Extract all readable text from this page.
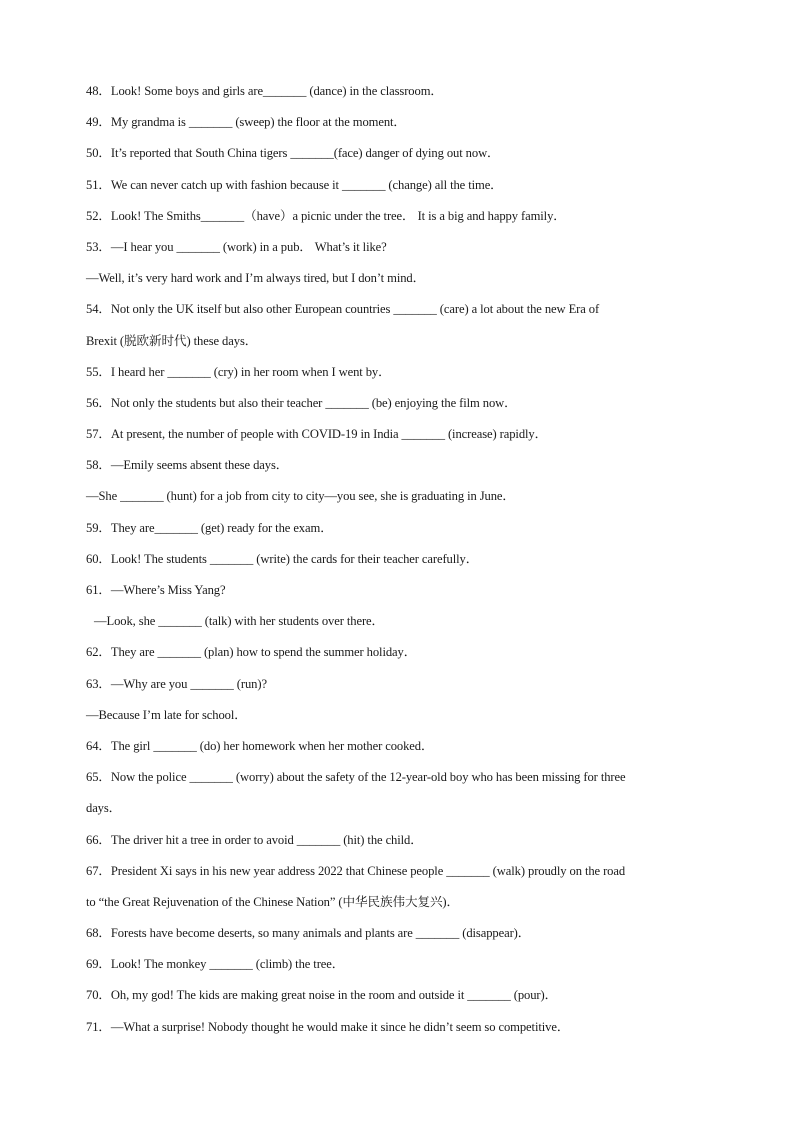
48．Look! Some boys and girls are_______ (dance) in the classroom．
49．My grandma is _______ (sweep) the floor at the moment．
50．It’s reported that South China tigers _______(face) danger of dying out now．
51．We can never catch up with fashion because it _______ (change) all the time．
52．Look! The Smiths_______（have）a picnic under the tree． It is a big and happy family．
53．—I hear you _______ (work) in a pub． What’s it like?
—Well, it’s very hard work and I’m always tired, but I don’t mind．
54．Not only the UK itself but also other European countries _______ (care) a lot about the new Era of
Brexit (脱欧新时代) these days．
55．I heard her _______ (cry) in her room when I went by．
56．Not only the students but also their teacher _______ (be) enjoying the film now．
57．At present, the number of people with COVID-19 in India _______ (increase) rapidly．
58．—Emily seems absent these days．
—She _______ (hunt) for a job from city to city—you see, she is graduating in June．
59．They are_______ (get) ready for the exam．
60．Look! The students _______ (write) the cards for their teacher carefully．
61．—Where’s Miss Yang?
—Look, she _______ (talk) with her students over there．
62．They are _______ (plan) how to spend the summer holiday．
63．—Why are you _______ (run)?
—Because I’m late for school．
64．The girl _______ (do) her homework when her mother cooked．
65．Now the police _______ (worry) about the safety of the 12-year-old boy who has been missing for three
days．
66．The driver hit a tree in order to avoid _______ (hit) the child．
67．President Xi says in his new year address 2022 that Chinese people _______ (walk) proudly on the road
to “the Great Rejuvenation of the Chinese Nation” (中华民族伟大复兴)．
68．Forests have become deserts, so many animals and plants are _______ (disappear)．
69．Look! The monkey _______ (climb) the tree．
70．Oh, my god! The kids are making great noise in the room and outside it _______ (pour)．
71．—What a surprise! Nobody thought he would make it since he didn’t seem so competitive．
